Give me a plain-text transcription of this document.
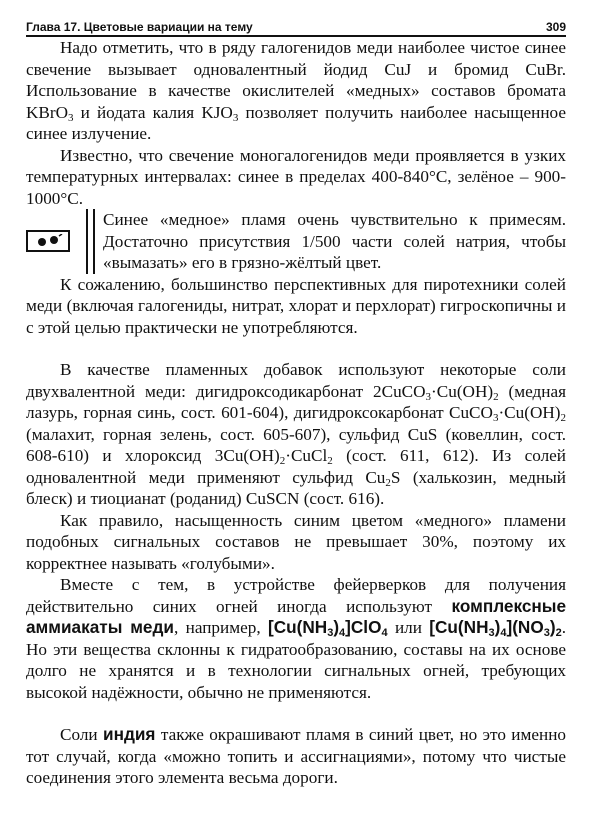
Глава 17. Цветовые вариации на тему	309

Надо отметить, что в ряду галогенидов меди наиболее чистое синее свечение вызывает одновалентный йодид CuJ и бромид CuBr. Использование в качестве окислителей «медных» составов бромата KBrO$_3$ и йодата калия $KJO_3$ позволяет получить наиболее насыщенное синее излучение.

Известно, что свечение моногалогенидов меди проявляется в узких температурных интервалах: синее в пределах 400-840°C, зелёное – 900-1000°C.

Синее «медное» пламя очень чувствительно к примесям. Достаточно присутствия 1/500 части солей натрия, чтобы «вымазать» его в грязно-жёлтый цвет.

К сожалению, большинство перспективных для пиротехники солей меди (включая галогениды, нитрат, хлорат и перхлорат) гигроскопичны и с этой целью практически не употребляются.

В качестве пламенных добавок используют некоторые соли двухвалентной меди: дигидроксодикарбонат $2CuCO_3\cdot Cu(OH)_2$ (медная лазурь, горная синь, сост. 601-604), дигидроксокарбонат $CuCO_3\cdot Cu(OH)_2$ (малахит, горная зелень, сост. 605-607), сульфид CuS (ковеллин, сост. 608-610) и хлороксид $3Cu(OH)_2\cdot CuCl_2$ (сост. 611, 612). Из солей одновалентной меди применяют сульфид $Cu_2S$ (халькозин, медный блеск) и тиоцианат (роданид) CuSCN (сост. 616).

Как правило, насыщенность синим цветом «медного» пламени подобных сигнальных составов не превышает 30%, поэтому их корректнее называть «голубыми».

Вместе с тем, в устройстве фейерверков для получения действительно синих огней иногда используют комплексные аммиакаты меди, например, $[Cu(NH_3)_4]ClO_4$ или $[Cu(NH_3)_4](NO_3)_2$. Но эти вещества склонны к гидратообразованию, составы на их основе долго не хранятся и в технологии сигнальных огней, требующих высокой надёжности, обычно не применяются.

Соли индия также окрашивают пламя в синий цвет, но это именно тот случай, когда «можно топить и ассигнациями», потому что чистые соединения этого элемента весьма дороги.
